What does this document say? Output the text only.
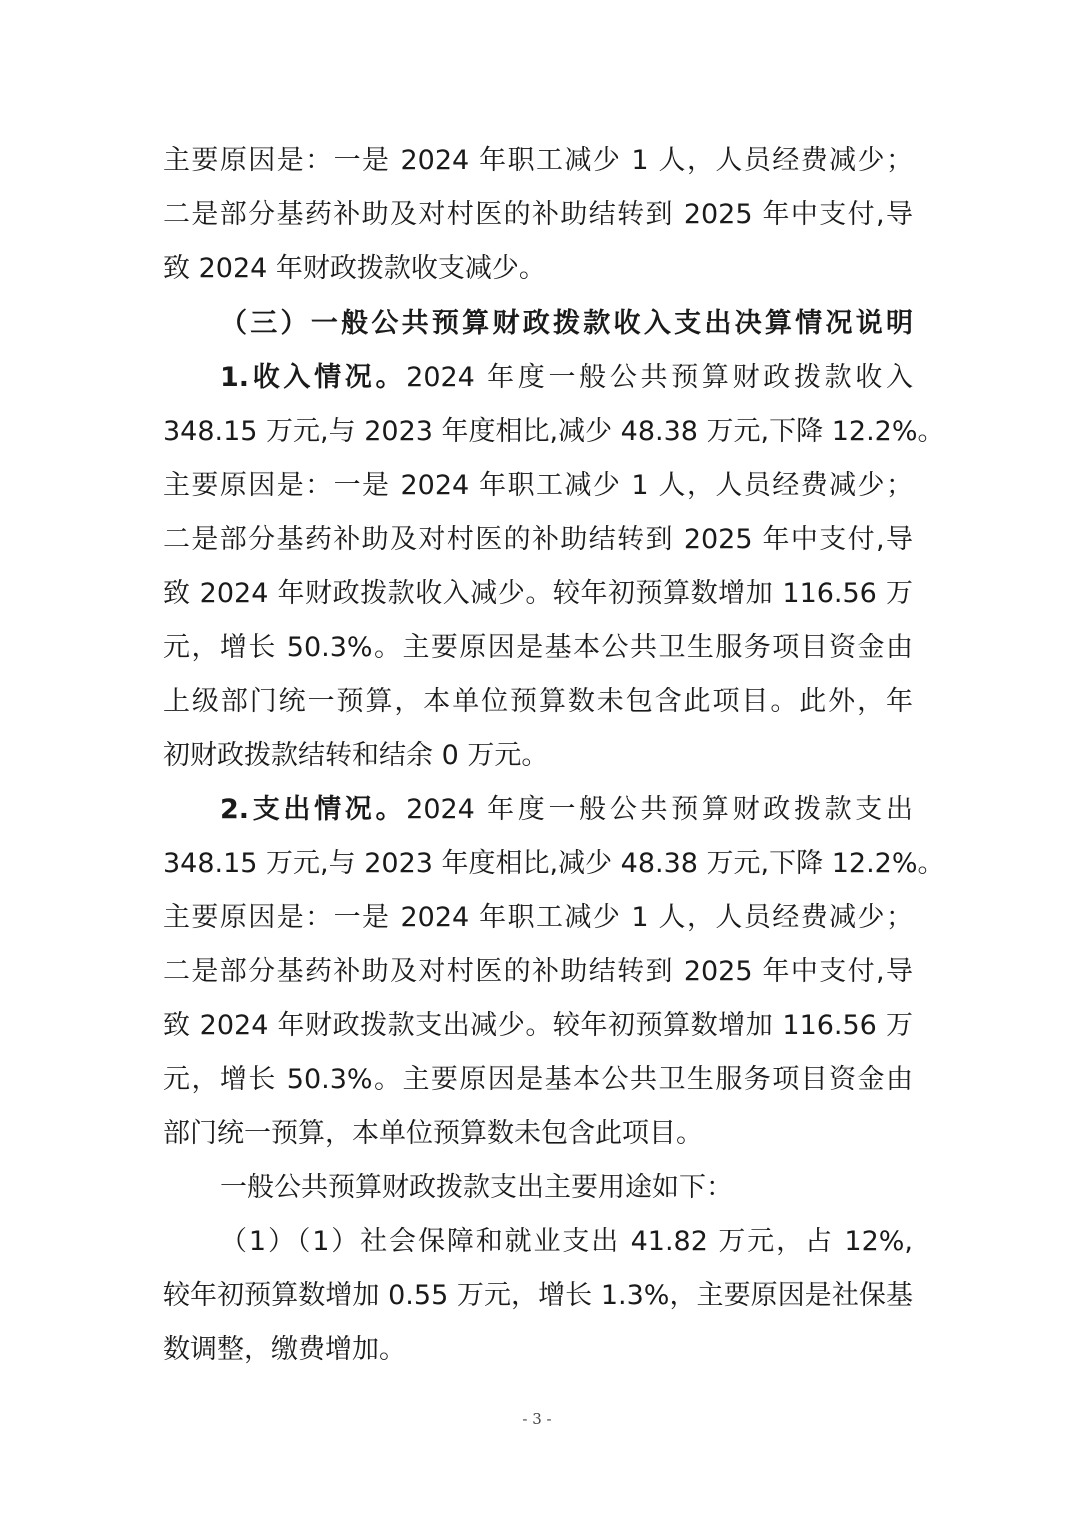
主要原因是：一是 2024 年职工减少 1 人，人员经费减少；
二是部分基药补助及对村医的补助结转到 2025 年中支付,导
致 2024 年财政拨款收支减少。
（三）一般公共预算财政拨款收入支出决算情况说明
1.收入情况。2024 年度一般公共预算财政拨款收入
348.15 万元,与 2023 年度相比,减少 48.38 万元,下降 12.2%。
主要原因是：一是 2024 年职工减少 1 人，人员经费减少；
二是部分基药补助及对村医的补助结转到 2025 年中支付,导
致 2024 年财政拨款收入减少。较年初预算数增加 116.56 万
元，增长 50.3%。主要原因是基本公共卫生服务项目资金由
上级部门统一预算，本单位预算数未包含此项目。此外，年
初财政拨款结转和结余 0 万元。
2.支出情况。2024 年度一般公共预算财政拨款支出
348.15 万元,与 2023 年度相比,减少 48.38 万元,下降 12.2%。
主要原因是：一是 2024 年职工减少 1 人，人员经费减少；
二是部分基药补助及对村医的补助结转到 2025 年中支付,导
致 2024 年财政拨款支出减少。较年初预算数增加 116.56 万
元，增长 50.3%。主要原因是基本公共卫生服务项目资金由
部门统一预算，本单位预算数未包含此项目。
一般公共预算财政拨款支出主要用途如下：
（1）（1）社会保障和就业支出 41.82 万元，占 12%,
较年初预算数增加 0.55 万元，增长 1.3%，主要原因是社保基
数调整，缴费增加。
- 3 -
